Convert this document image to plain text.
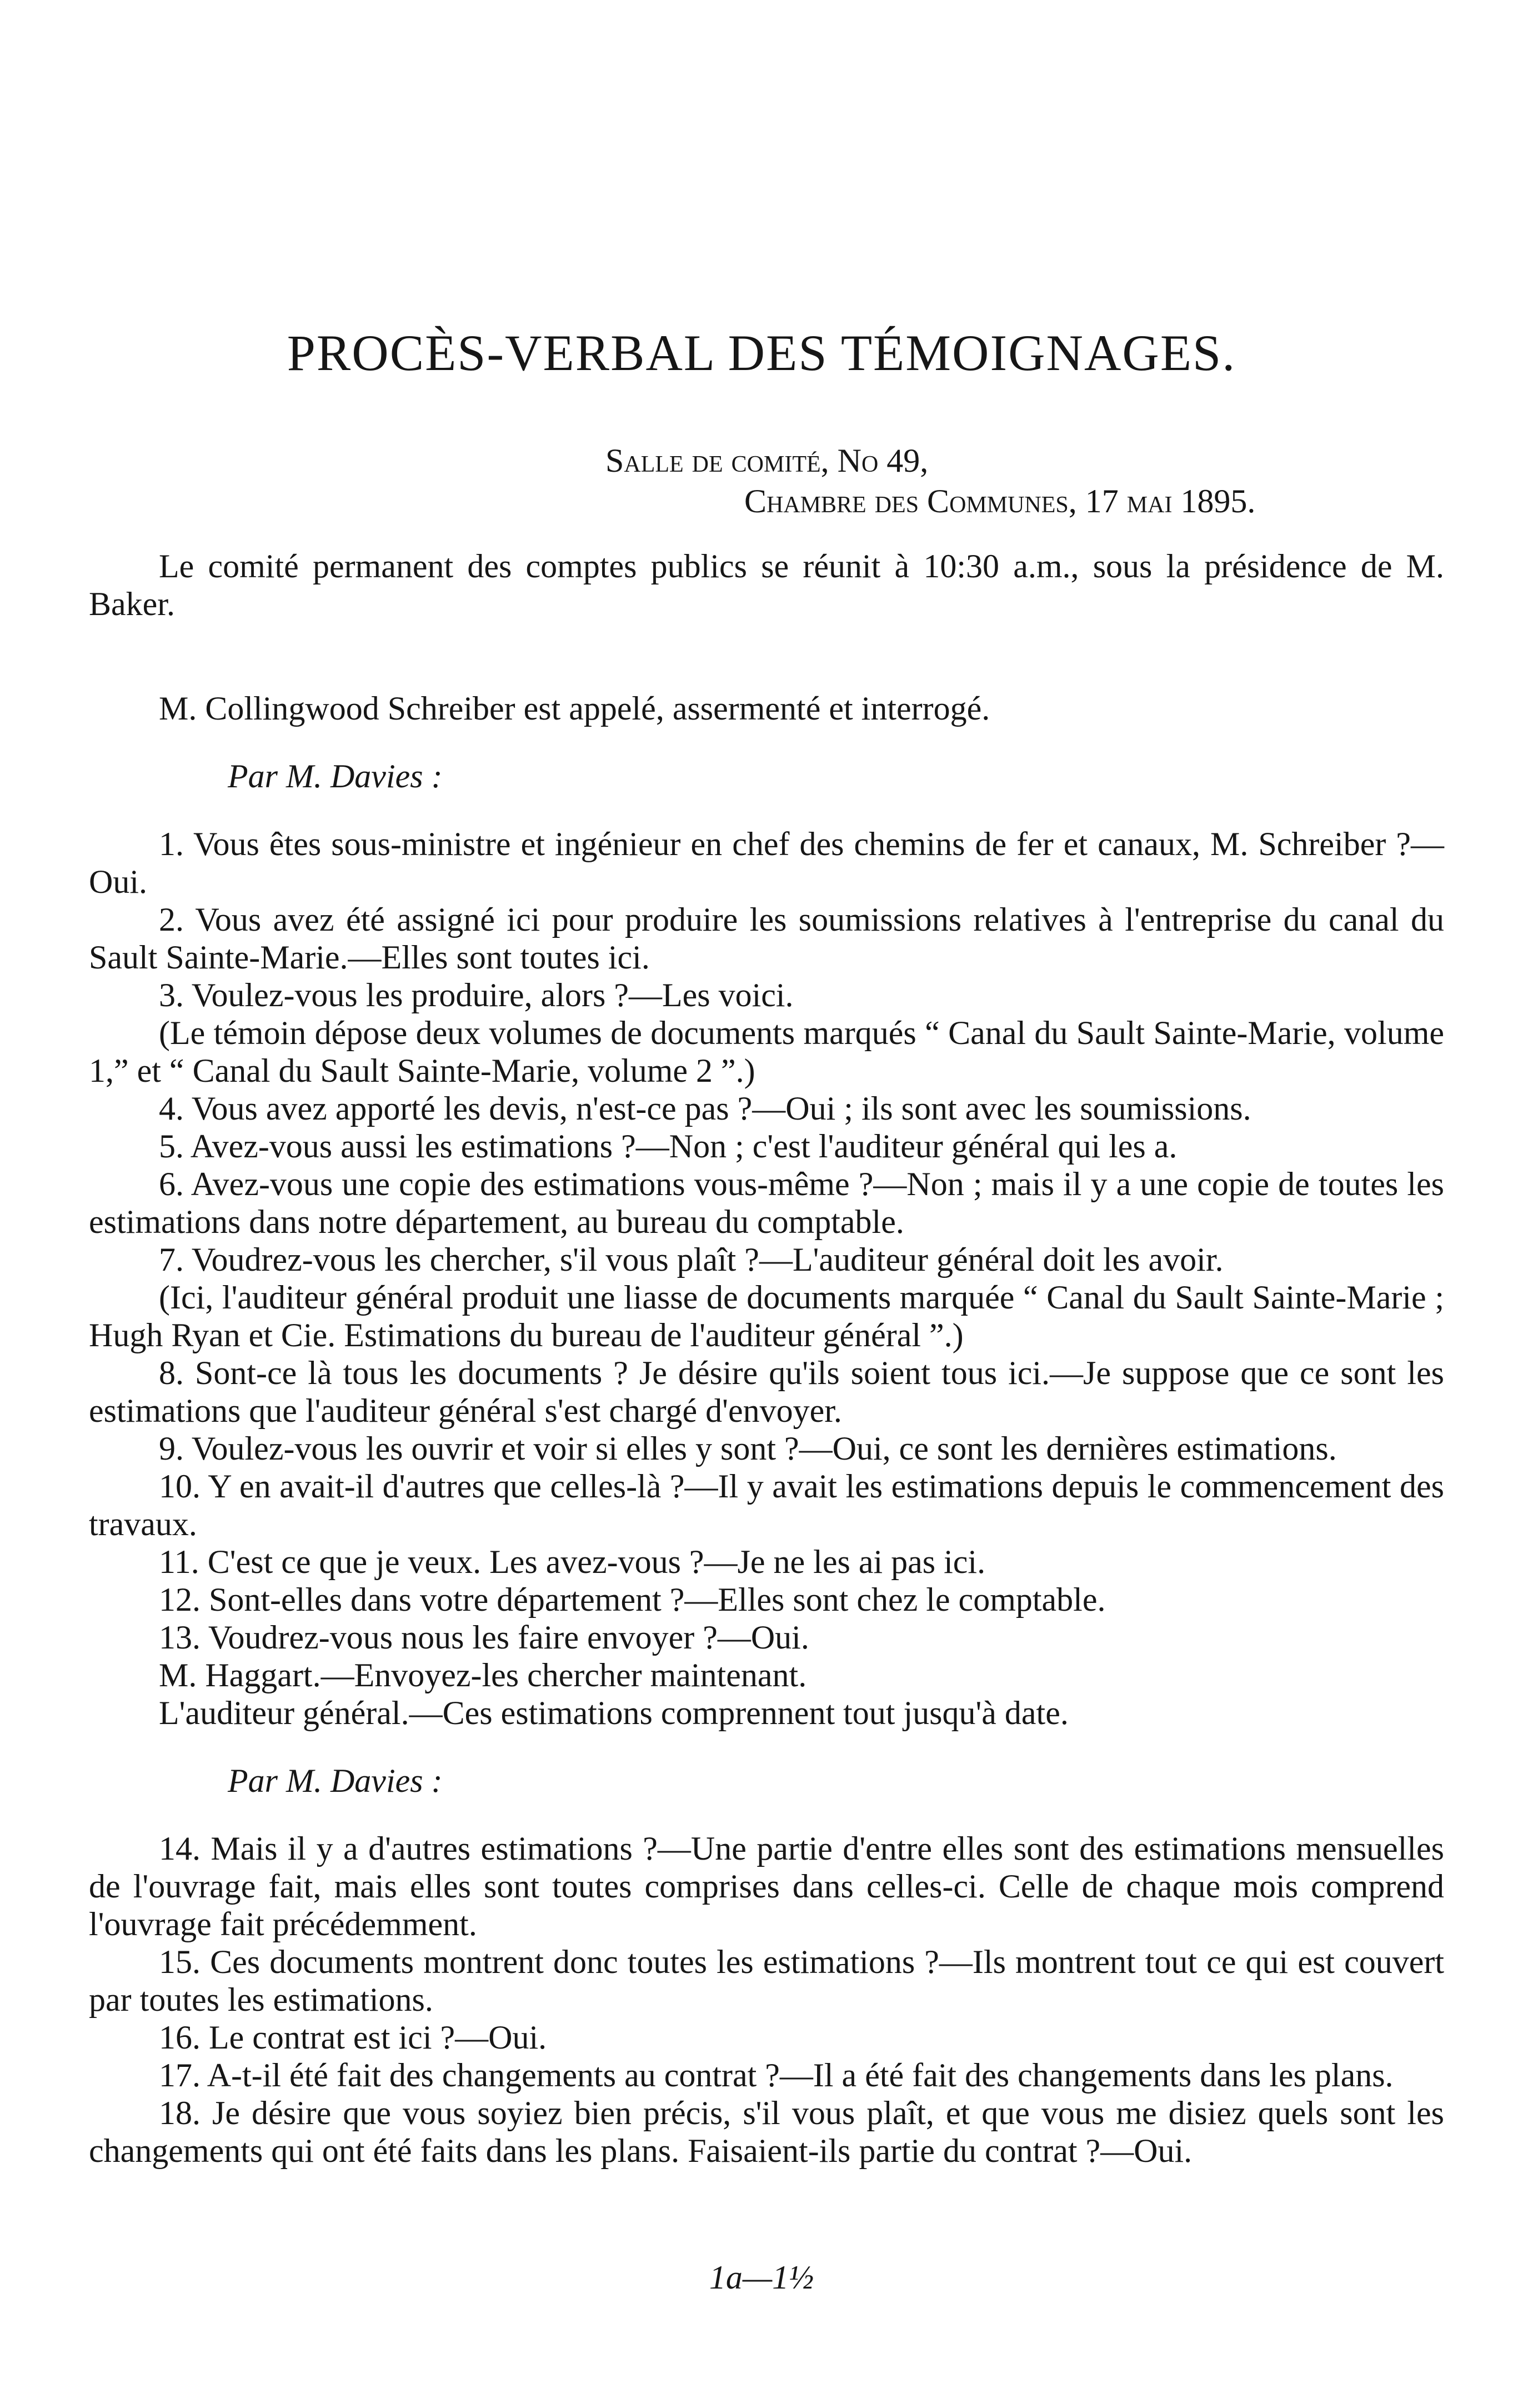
PROCÈS-VERBAL DES TÉMOIGNAGES.
Salle de comité, No 49,
Chambre des Communes, 17 mai 1895.

Le comité permanent des comptes publics se réunit à 10:30 a.m., sous la présidence de M. Baker.

M. Collingwood Schreiber est appelé, assermenté et interrogé.

Par M. Davies :

1. Vous êtes sous-ministre et ingénieur en chef des chemins de fer et canaux, M. Schreiber ?—Oui.

2. Vous avez été assigné ici pour produire les soumissions relatives à l'entreprise du canal du Sault Sainte-Marie.—Elles sont toutes ici.

3. Voulez-vous les produire, alors ?—Les voici.

(Le témoin dépose deux volumes de documents marqués “ Canal du Sault Sainte-Marie, volume 1,” et “ Canal du Sault Sainte-Marie, volume 2 ”.)

4. Vous avez apporté les devis, n'est-ce pas ?—Oui ; ils sont avec les soumissions.

5. Avez-vous aussi les estimations ?—Non ; c'est l'auditeur général qui les a.

6. Avez-vous une copie des estimations vous-même ?—Non ; mais il y a une copie de toutes les estimations dans notre département, au bureau du comptable.

7. Voudrez-vous les chercher, s'il vous plaît ?—L'auditeur général doit les avoir.

(Ici, l'auditeur général produit une liasse de documents marquée “ Canal du Sault Sainte-Marie ; Hugh Ryan et Cie. Estimations du bureau de l'auditeur général ”.)

8. Sont-ce là tous les documents ? Je désire qu'ils soient tous ici.—Je suppose que ce sont les estimations que l'auditeur général s'est chargé d'envoyer.

9. Voulez-vous les ouvrir et voir si elles y sont ?—Oui, ce sont les dernières estimations.

10. Y en avait-il d'autres que celles-là ?—Il y avait les estimations depuis le commencement des travaux.

11. C'est ce que je veux. Les avez-vous ?—Je ne les ai pas ici.

12. Sont-elles dans votre département ?—Elles sont chez le comptable.

13. Voudrez-vous nous les faire envoyer ?—Oui.

M. Haggart.—Envoyez-les chercher maintenant.

L'auditeur général.—Ces estimations comprennent tout jusqu'à date.

Par M. Davies :

14. Mais il y a d'autres estimations ?—Une partie d'entre elles sont des estimations mensuelles de l'ouvrage fait, mais elles sont toutes comprises dans celles-ci. Celle de chaque mois comprend l'ouvrage fait précédemment.

15. Ces documents montrent donc toutes les estimations ?—Ils montrent tout ce qui est couvert par toutes les estimations.

16. Le contrat est ici ?—Oui.

17. A-t-il été fait des changements au contrat ?—Il a été fait des changements dans les plans.

18. Je désire que vous soyiez bien précis, s'il vous plaît, et que vous me disiez quels sont les changements qui ont été faits dans les plans. Faisaient-ils partie du contrat ?—Oui.

1a—1½
